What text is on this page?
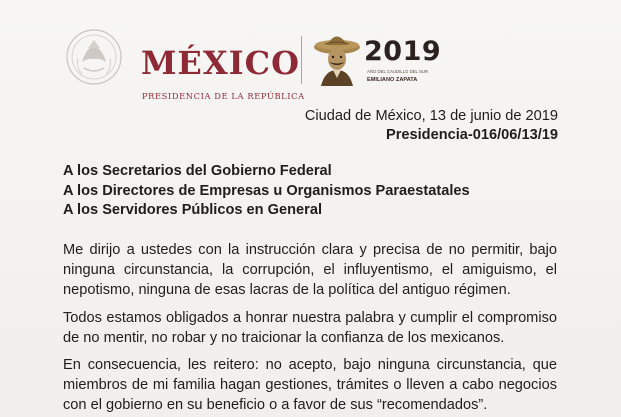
MÉXICO
PRESIDENCIA DE LA REPÚBLICA
2019
AÑO DEL CAUDILLO DEL SUR
EMILIANO ZAPATA
Ciudad de México, 13 de junio de 2019
Presidencia-016/06/13/19
A los Secretarios del Gobierno Federal
A los Directores de Empresas u Organismos Paraestatales
A los Servidores Públicos en General
Me dirijo a ustedes con la instrucción clara y precisa de no permitir, bajo ninguna circunstancia, la corrupción, el influyentismo, el amiguismo, el nepotismo, ninguna de esas lacras de la política del antiguo régimen.
Todos estamos obligados a honrar nuestra palabra y cumplir el compromiso de no mentir, no robar y no traicionar la confianza de los mexicanos.
En consecuencia, les reitero: no acepto, bajo ninguna circunstancia, que miembros de mi familia hagan gestiones, trámites o lleven a cabo negocios con el gobierno en su beneficio o a favor de sus “recomendados”.
